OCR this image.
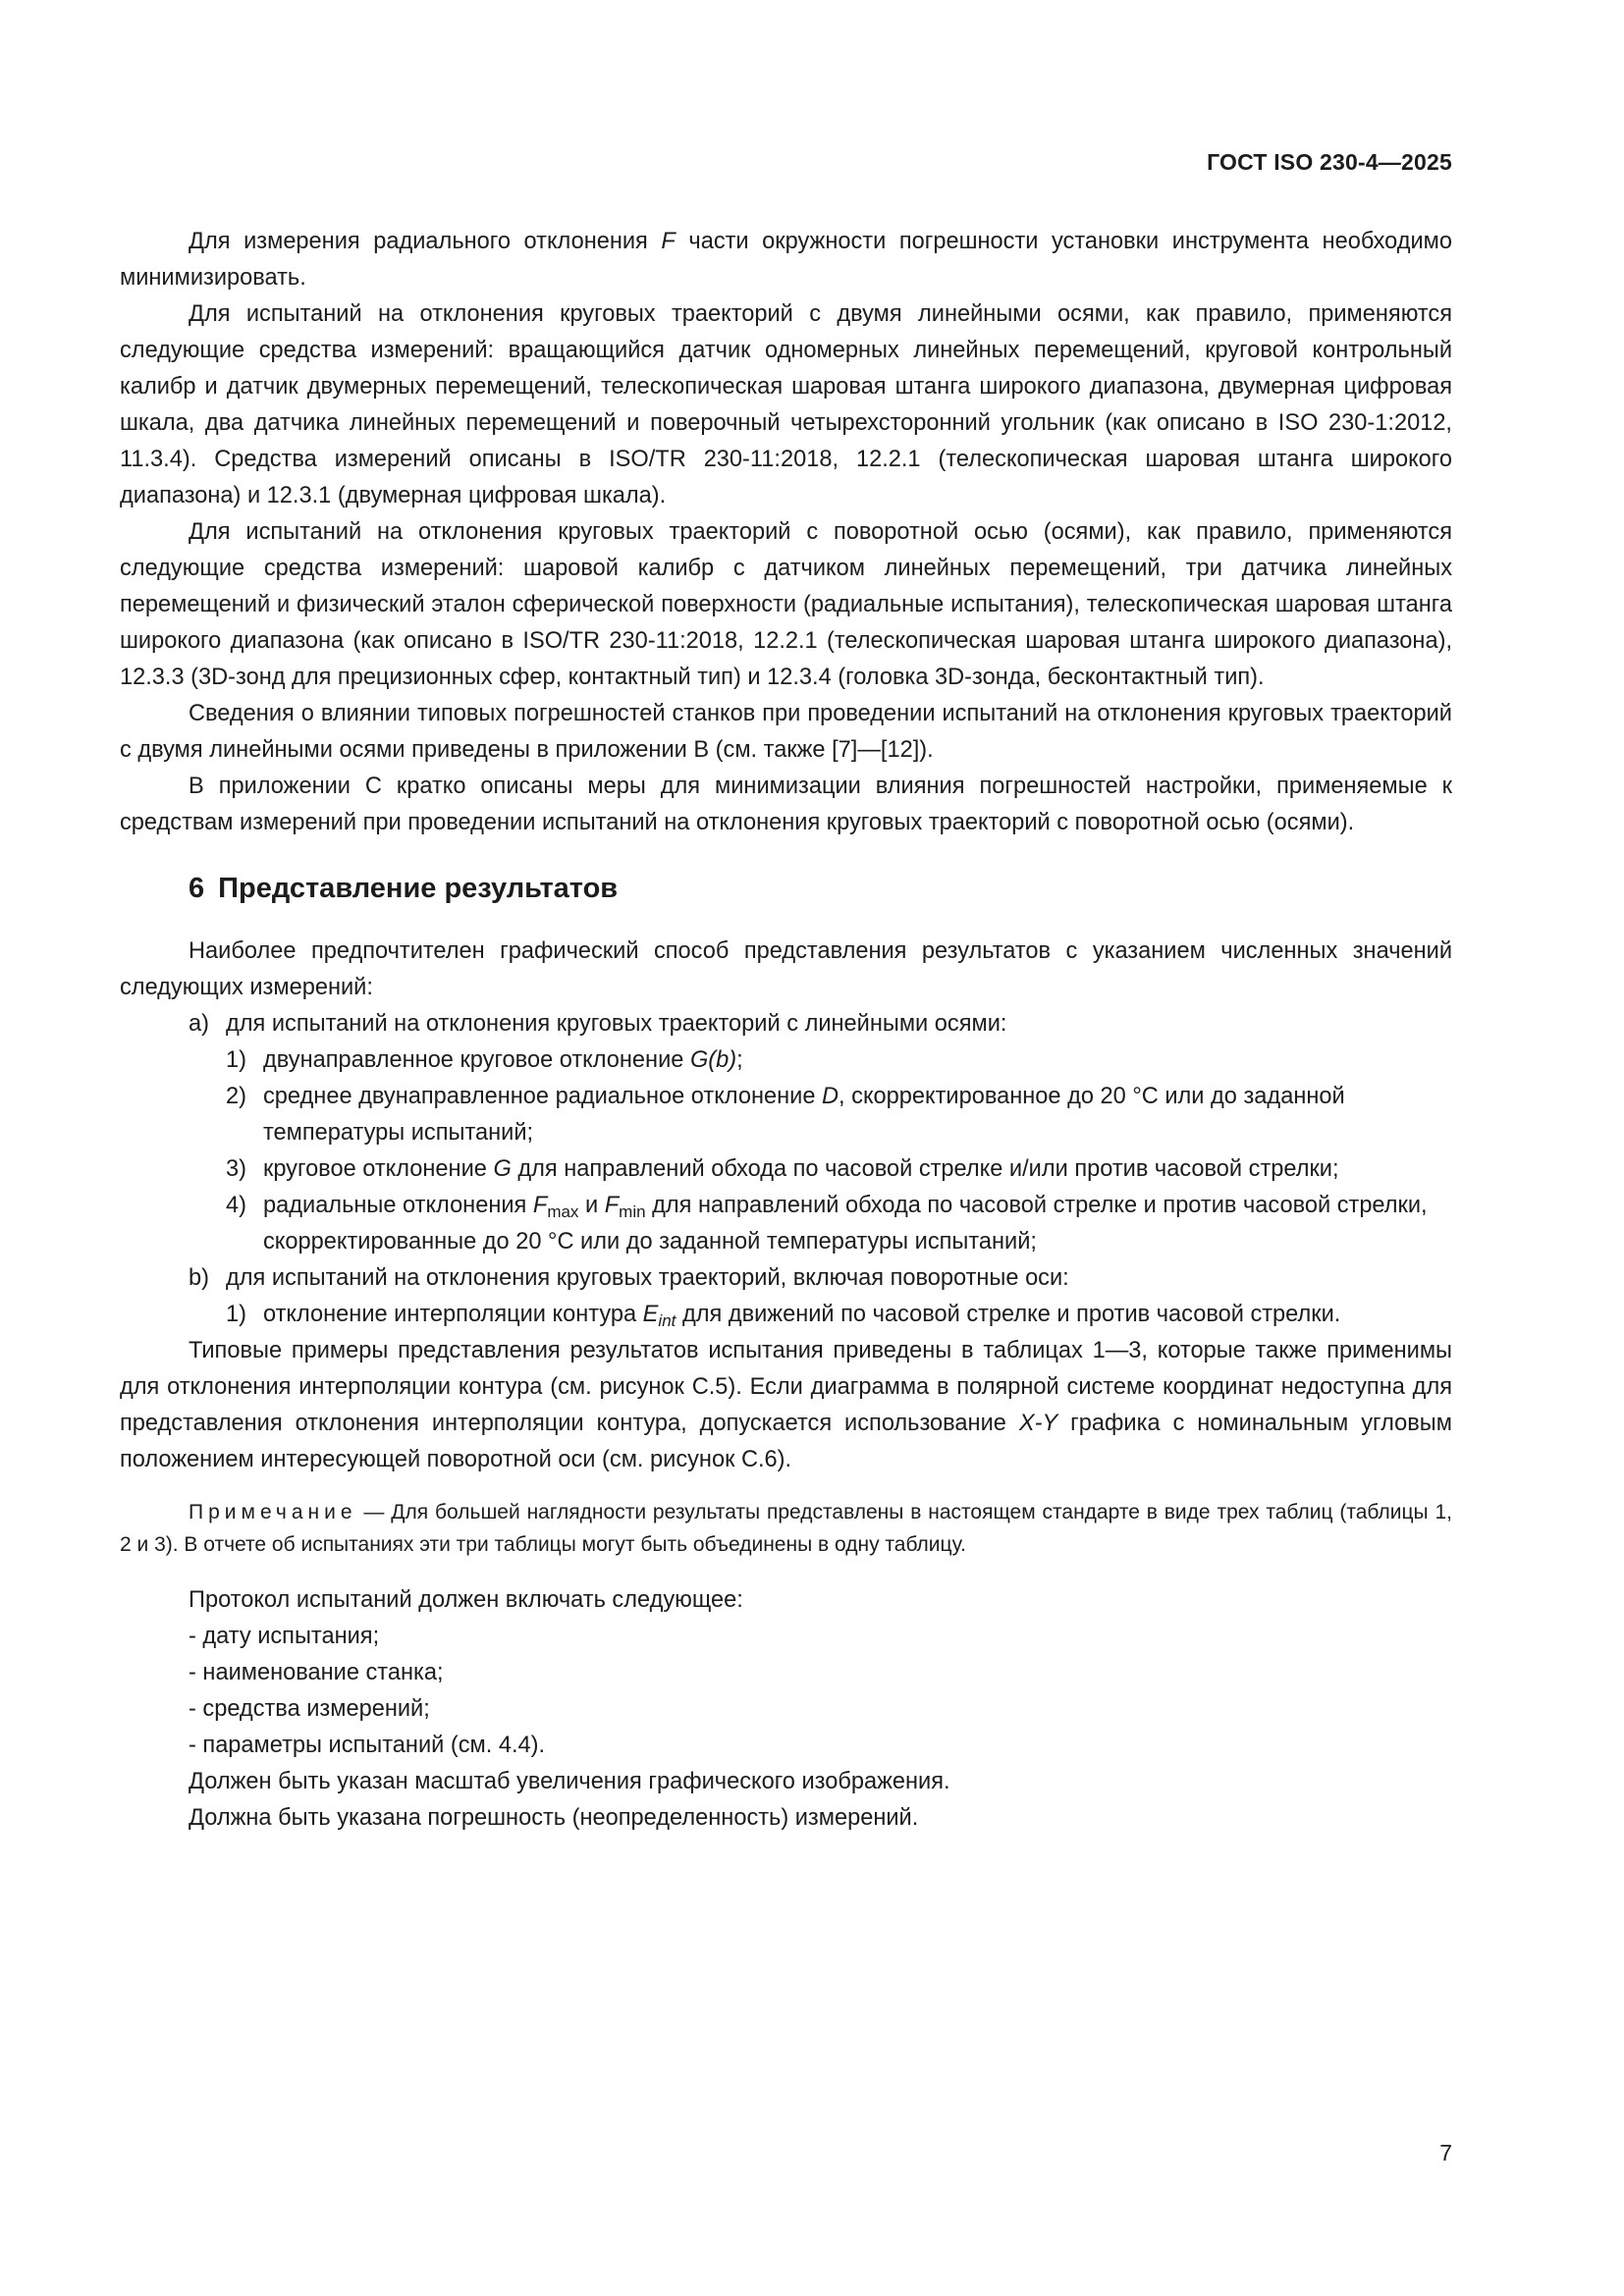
ГОСТ ISO 230-4—2025

Для измерения радиального отклонения F части окружности погрешности установки инструмента необходимо минимизировать.

Для испытаний на отклонения круговых траекторий с двумя линейными осями, как правило, применяются следующие средства измерений: вращающийся датчик одномерных линейных перемещений, круговой контрольный калибр и датчик двумерных перемещений, телескопическая шаровая штанга широкого диапазона, двумерная цифровая шкала, два датчика линейных перемещений и поверочный четырехсторонний угольник (как описано в ISO 230-1:2012, 11.3.4). Средства измерений описаны в ISO/TR 230-11:2018, 12.2.1 (телескопическая шаровая штанга широкого диапазона) и 12.3.1 (двумерная цифровая шкала).

Для испытаний на отклонения круговых траекторий с поворотной осью (осями), как правило, применяются следующие средства измерений: шаровой калибр с датчиком линейных перемещений, три датчика линейных перемещений и физический эталон сферической поверхности (радиальные испытания), телескопическая шаровая штанга широкого диапазона (как описано в ISO/TR 230-11:2018, 12.2.1 (телескопическая шаровая штанга широкого диапазона), 12.3.3 (3D-зонд для прецизионных сфер, контактный тип) и 12.3.4 (головка 3D-зонда, бесконтактный тип).

Сведения о влиянии типовых погрешностей станков при проведении испытаний на отклонения круговых траекторий с двумя линейными осями приведены в приложении В (см. также [7]—[12]).

В приложении С кратко описаны меры для минимизации влияния погрешностей настройки, применяемые к средствам измерений при проведении испытаний на отклонения круговых траекторий с поворотной осью (осями).

6 Представление результатов

Наиболее предпочтителен графический способ представления результатов с указанием численных значений следующих измерений:

a) для испытаний на отклонения круговых траекторий с линейными осями:
1) двунаправленное круговое отклонение G(b);
2) среднее двунаправленное радиальное отклонение D, скорректированное до 20 °С или до заданной температуры испытаний;
3) круговое отклонение G для направлений обхода по часовой стрелке и/или против часовой стрелки;
4) радиальные отклонения $F_{max}$ и $F_{min}$ для направлений обхода по часовой стрелке и против часовой стрелки, скорректированные до 20 °С или до заданной температуры испытаний;
b) для испытаний на отклонения круговых траекторий, включая поворотные оси:
1) отклонение интерполяции контура $E_{int}$ для движений по часовой стрелке и против часовой стрелки.

Типовые примеры представления результатов испытания приведены в таблицах 1—3, которые также применимы для отклонения интерполяции контура (см. рисунок С.5). Если диаграмма в полярной системе координат недоступна для представления отклонения интерполяции контура, допускается использование X-Y графика с номинальным угловым положением интересующей поворотной оси (см. рисунок С.6).

Примечание — Для большей наглядности результаты представлены в настоящем стандарте в виде трех таблиц (таблицы 1, 2 и 3). В отчете об испытаниях эти три таблицы могут быть объединены в одну таблицу.

Протокол испытаний должен включать следующее:

- дату испытания;

- наименование станка;

- средства измерений;

- параметры испытаний (см. 4.4).

Должен быть указан масштаб увеличения графического изображения.

Должна быть указана погрешность (неопределенность) измерений.

7
